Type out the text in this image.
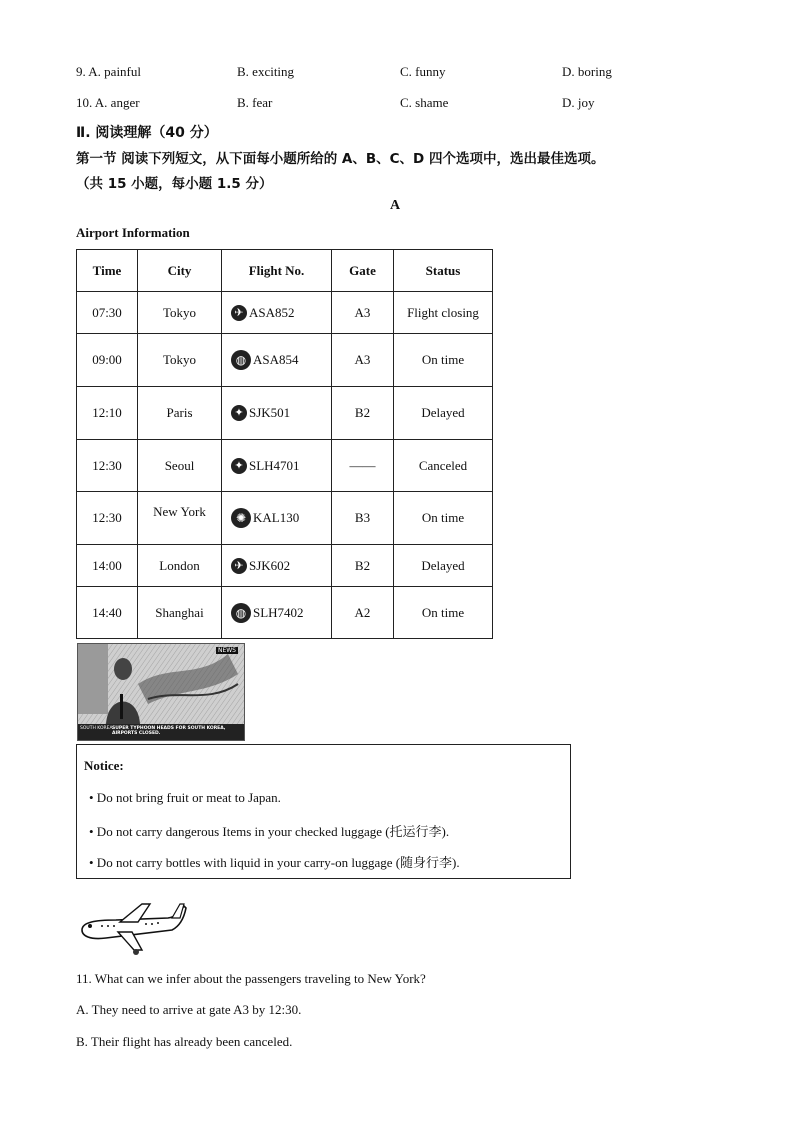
9. A. painful	B. exciting	C. funny	D. boring
10. A. anger	B. fear	C. shame	D. joy
Ⅱ. 阅读理解（40 分）
第一节 阅读下列短文，从下面每小题所给的 A、B、C、D 四个选项中，选出最佳选项。
（共 15 小题，每小题 1.5 分）
A
Airport Information
Time	City	Flight No.	Gate	Status
07:30	Tokyo	✈ ASA852	A3	Flight closing
09:00	Tokyo	◍ ASA854	A3	On time
12:10	Paris	✦ SJK501	B2	Delayed
12:30	Seoul	✦ SLH4701	——	Canceled
12:30	New York	✺ KAL130	B3	On time
14:00	London	✈ SJK602	B2	Delayed
14:40	Shanghai	◍ SLH7402	A2	On time
NEWS
SOUTH KOREA SUPER TYPHOON HEADS FOR SOUTH KOREA, AIRPORTS CLOSED.
Notice:
• Do not bring fruit or meat to Japan.
• Do not carry dangerous Items in your checked luggage (托运行李).
• Do not carry bottles with liquid in your carry-on luggage (随身行李).
11. What can we infer about the passengers traveling to New York?
A. They need to arrive at gate A3 by 12:30.
B. Their flight has already been canceled.
